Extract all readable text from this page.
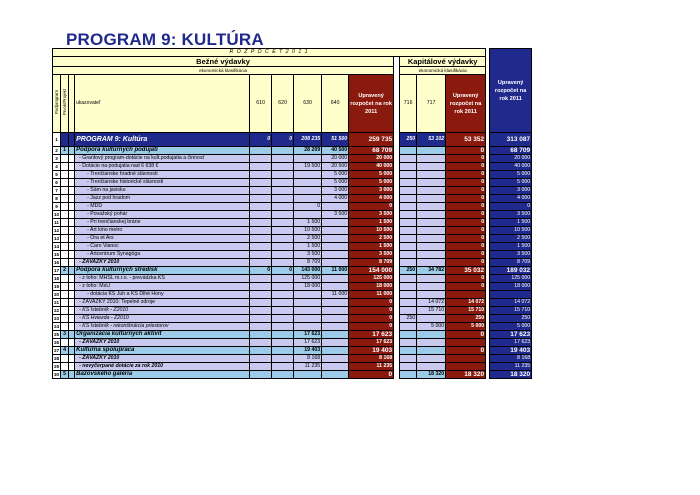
PROGRAM 9: KULTÚRA
R O Z P O Č E T 2 0 1 1														Upravený rozpočet na rok 2011
Bežné výdavky										Kapitálové výdavky				
ekonomická klasifikácia										ekonomická klasifikácia				
Podprogram	Prvok/Projekt		ukazovateľ	610	620	630	640	Upravený rozpočet na rok 2011		716	717	Upravený rozpočet na rok 2011		
1			PROGRAM 9: Kultúra	0	0	208 235	51 500	259 735		250	53 102	53 352		313 087
2	1		Podpora kultúrnych podujatí			28 209	40 500	68 709				0		68 709
3			- Grantový program-dotácie na kult.podujatia a činnosť				20 000	20 000				0		20 000
4			- Dotácie na podujatia nad 6 638 €			19 500	20 500	40 000				0		40 000
5			- Trenčianske hradné slávnosti				5 000	5 000				0		5 000
6			- Trenčianske historické slávnosti				5 000	5 000				0		5 000
7			- Sám na javisku				3 000	3 000				0		3 000
8			- Jazz pod hradom				4 000	4 000				0		4 000
9			- MDD			0		0				0		0
10			- Považský pohár				3 500	3 500				0		3 500
11			- Pri trenčianskej bráne			1 500		1 500				0		1 500
12			- Art kino metro			10 500		10 500				0		10 500
13			- Ora et Ars			2 500		2 500				0		2 500
14			- Čaro Vianoc			1 500		1 500				0		1 500
15			- Artcentrum Synagóga			3 500		3 500				0		3 500
16			- ZÁVAZKY 2010			8 709		8 709				0		8 709
17	2		Podpora kultúrnych stredísk	0	0	143 000	11 000	154 000		250	34 782	35 032		189 032
18			- z toho: MHSL m.r.o. - prevádzka KS			125 000		125 000				0		125 000
19			- z toho: MsÚ			18 000		18 000				0		18 000
20			- dotácia KS Juh a KS Dlhé Hony				11 000	11 000						
21			- ZÁVAZKY 2010: Tepelné zdroje					0			14 072	14 072		14 072
22			- KS Istebník - Z2010					0			15 710	15 710		15 710
23			- KS Hviezda - Z2010					0		250		250		250
24			- KS Istebník - rekonštrukcia priestorov					0			5 000	5 000		5 000
25	3		Organizácia kultúrnych aktivít			17 623		17 623				0		17 623
26			- ZÁVAZKY 2010			17 623		17 623						17 623
27	4		Kultúrna spolupráca			19 403		19 403				0		19 403
28			- ZÁVAZKY 2010			8 168		8 168						8 168
29			- nevyčerpané dotácie za rok 2010			11 235		11 235						11 235
30	5		Bazovského galéria					0			18 320	18 320		18 320
